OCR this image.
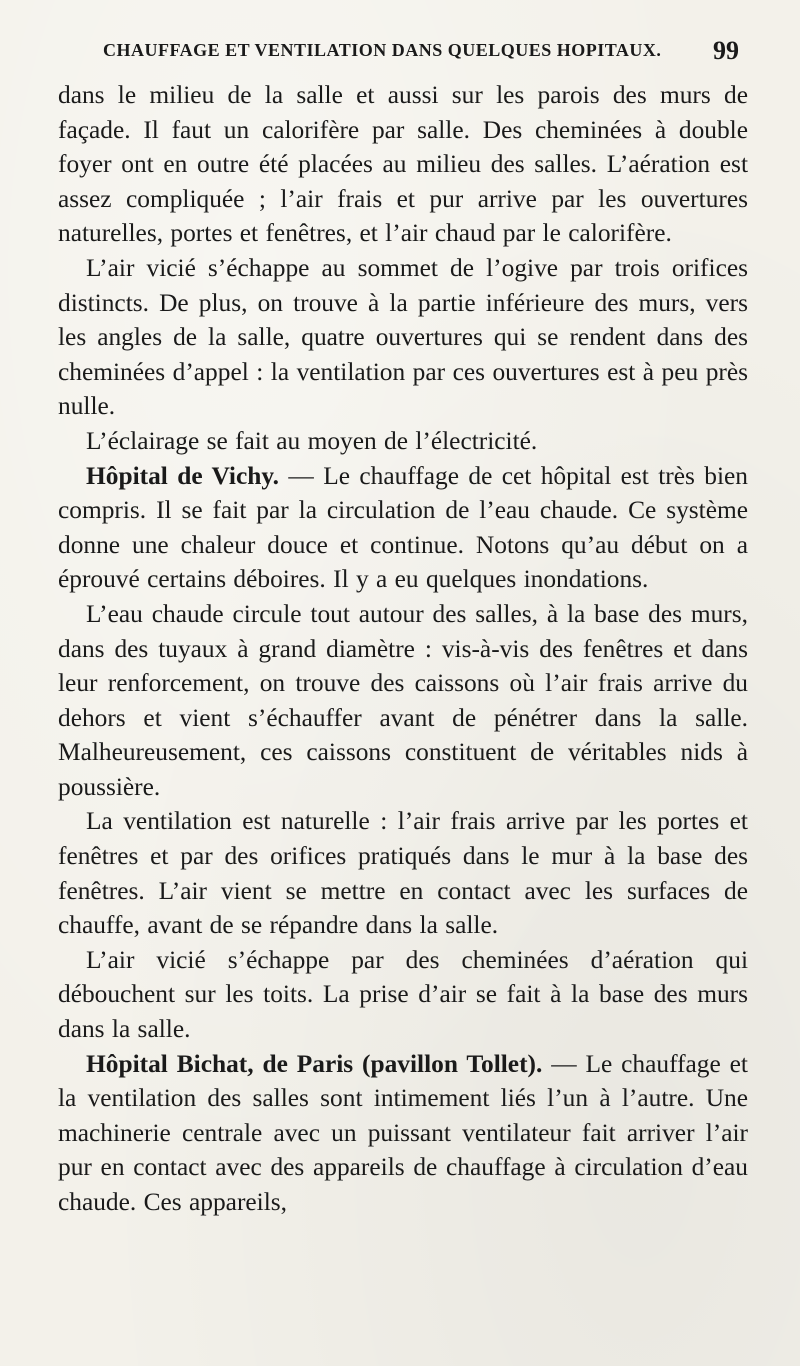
CHAUFFAGE ET VENTILATION DANS QUELQUES HOPITAUX. 99

dans le milieu de la salle et aussi sur les parois des murs de façade. Il faut un calorifère par salle. Des cheminées à double foyer ont en outre été placées au milieu des salles. L’aération est assez compliquée ; l’air frais et pur arrive par les ouvertures naturelles, portes et fenêtres, et l’air chaud par le calorifère.

L’air vicié s’échappe au sommet de l’ogive par trois orifices distincts. De plus, on trouve à la partie inférieure des murs, vers les angles de la salle, quatre ouvertures qui se rendent dans des cheminées d’appel : la ventilation par ces ouvertures est à peu près nulle.

L’éclairage se fait au moyen de l’électricité.

Hôpital de Vichy. — Le chauffage de cet hôpital est très bien compris. Il se fait par la circulation de l’eau chaude. Ce système donne une chaleur douce et continue. Notons qu’au début on a éprouvé certains déboires. Il y a eu quelques inondations.

L’eau chaude circule tout autour des salles, à la base des murs, dans des tuyaux à grand diamètre : vis-à-vis des fenêtres et dans leur renforcement, on trouve des caissons où l’air frais arrive du dehors et vient s’échauffer avant de pénétrer dans la salle. Malheureusement, ces caissons constituent de véritables nids à poussière.

La ventilation est naturelle : l’air frais arrive par les portes et fenêtres et par des orifices pratiqués dans le mur à la base des fenêtres. L’air vient se mettre en contact avec les surfaces de chauffe, avant de se répandre dans la salle.

L’air vicié s’échappe par des cheminées d’aération qui débouchent sur les toits. La prise d’air se fait à la base des murs dans la salle.

Hôpital Bichat, de Paris (pavillon Tollet). — Le chauffage et la ventilation des salles sont intimement liés l’un à l’autre. Une machinerie centrale avec un puissant ventilateur fait arriver l’air pur en contact avec des appareils de chauffage à circulation d’eau chaude. Ces appareils,
